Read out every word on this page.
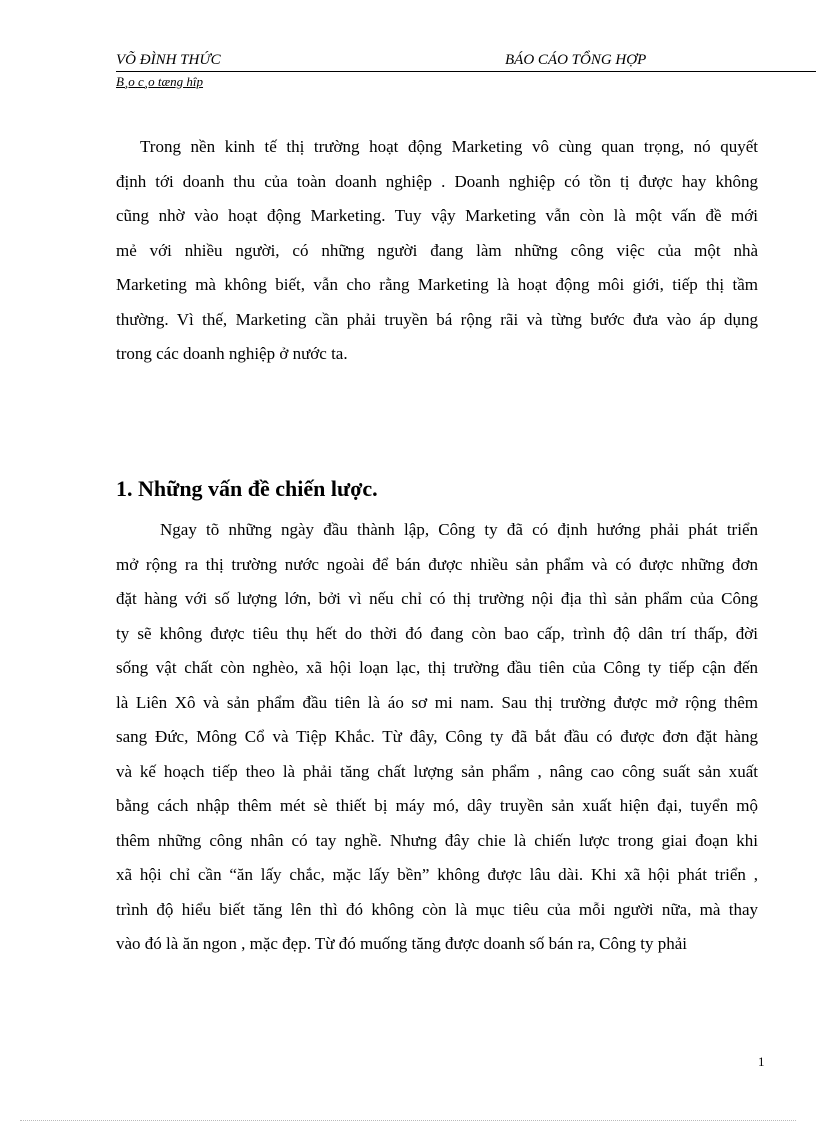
VÕ ĐÌNH THỨC	BÁO CÁO TỔNG HỢP
B¸o c¸o tæng hîp
Trong nền kinh tế thị trường hoạt động Marketing vô cùng quan trọng, nó quyết
định tới doanh thu của toàn doanh nghiệp . Doanh nghiệp có tồn tị được hay không
cũng nhờ vào hoạt động Marketing. Tuy vậy Marketing vẫn còn là một vấn đề mới
mẻ với nhiều người, có những người đang làm những công việc của một nhà
Marketing mà không biết, vẫn cho rằng Marketing là hoạt động môi giới, tiếp thị tầm
thường. Vì thế, Marketing cần phải truyền bá rộng rãi và từng bước đưa vào áp dụng
trong các doanh nghiệp ở nước ta.
1. Những vấn đề chiến lược.
Ngay tõ những ngày đầu thành lập, Công ty đã có định hướng phải phát triển
mở rộng ra thị trường nước ngoài để bán được nhiều sản phẩm và có được những đơn
đặt hàng với số lượng lớn, bởi vì nếu chỉ có thị trường nội địa thì sản phẩm của Công
ty sẽ không được tiêu thụ hết do thời đó đang còn bao cấp, trình độ dân trí thấp, đời
sống vật chất còn nghèo, xã hội loạn lạc, thị trường đầu tiên của Công ty tiếp cận đến
là Liên Xô và sản phẩm đầu tiên là áo sơ mi nam. Sau thị trường được mở rộng thêm
sang Đức, Mông Cổ và Tiệp Khắc. Từ đây, Công ty đã bắt đầu có được đơn đặt hàng
và kế hoạch tiếp theo là phải tăng chất lượng sản phẩm , nâng cao công suất sản xuất
bằng cách nhập thêm mét sè thiết bị máy mó, dây truyền sản xuất hiện đại, tuyển mộ
thêm những công nhân có tay nghề. Nhưng đây chie là chiến lược trong giai đoạn khi
xã hội chỉ cần “ăn lấy chắc, mặc lấy bền” không được lâu dài. Khi xã hội phát triển ,
trình độ hiểu biết tăng lên thì đó không còn là mục tiêu của mỗi người nữa, mà thay
vào đó là ăn ngon , mặc đẹp. Từ đó muống tăng được doanh số bán ra, Công ty phải
1
